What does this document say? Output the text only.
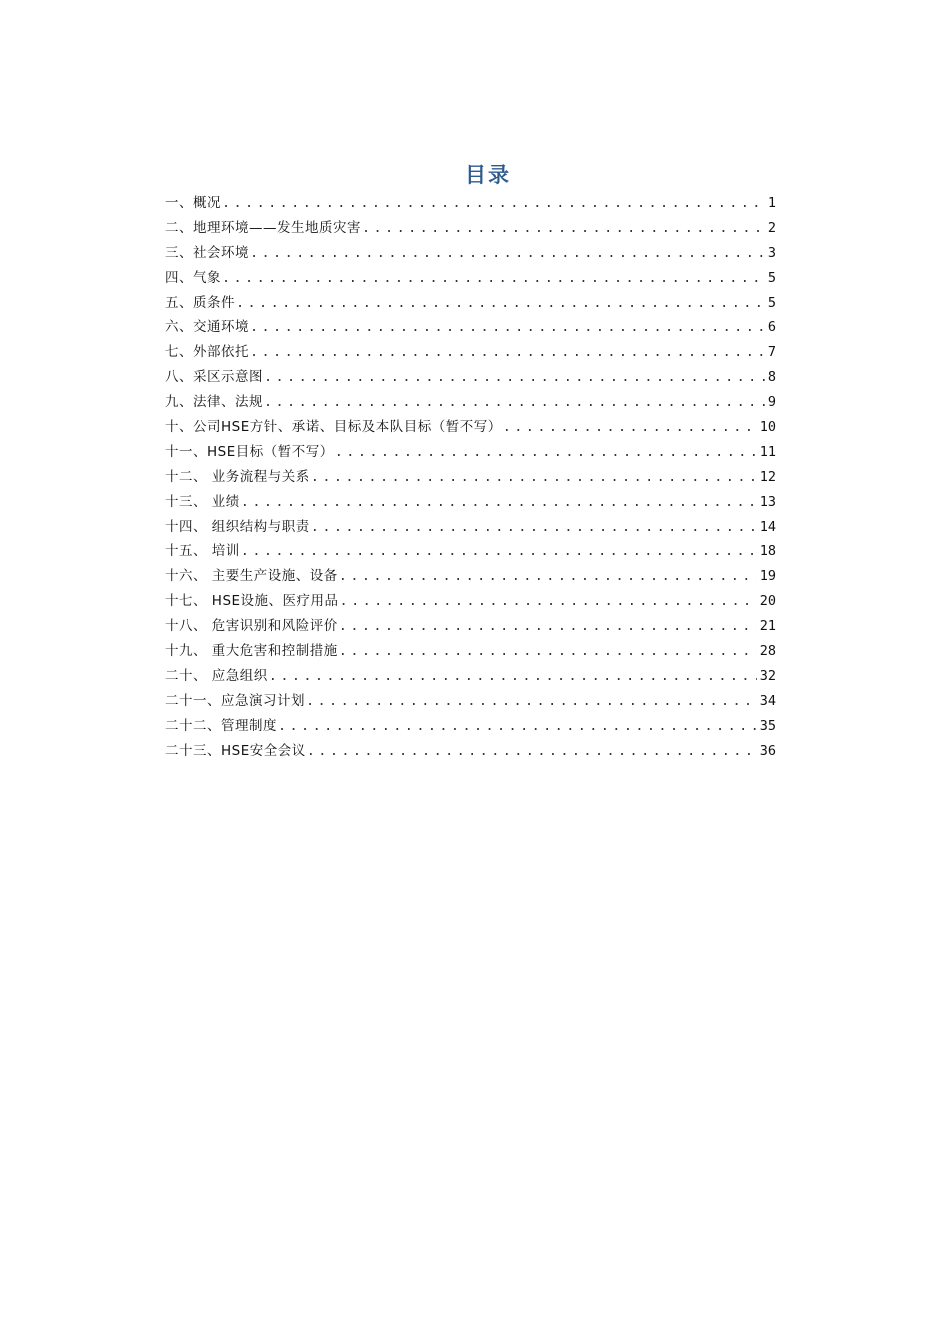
目录
一、概况 .....	1
二、地理环境——发生地质灾害 .....	2
三、社会环境 .....	3
四、气象 .....	5
五、质条件 .....	5
六、交通环境 .....	6
七、外部依托 .....	7
八、采区示意图 .....	8
九、法律、法规 .....	9
十、公司HSE方针、承诺、目标及本队目标（暂不写） .....	10
十一、HSE目标（暂不写） .....	11
十二、 业务流程与关系 .....	12
十三、 业绩 .....	13
十四、 组织结构与职责 .....	14
十五、 培训 .....	18
十六、 主要生产设施、设备 .....	19
十七、 HSE设施、医疗用品 .....	20
十八、 危害识别和风险评价 .....	21
十九、 重大危害和控制措施 .....	28
二十、 应急组织 .....	32
二十一、应急演习计划 .....	34
二十二、管理制度 .....	35
二十三、HSE安全会议 .....	36
